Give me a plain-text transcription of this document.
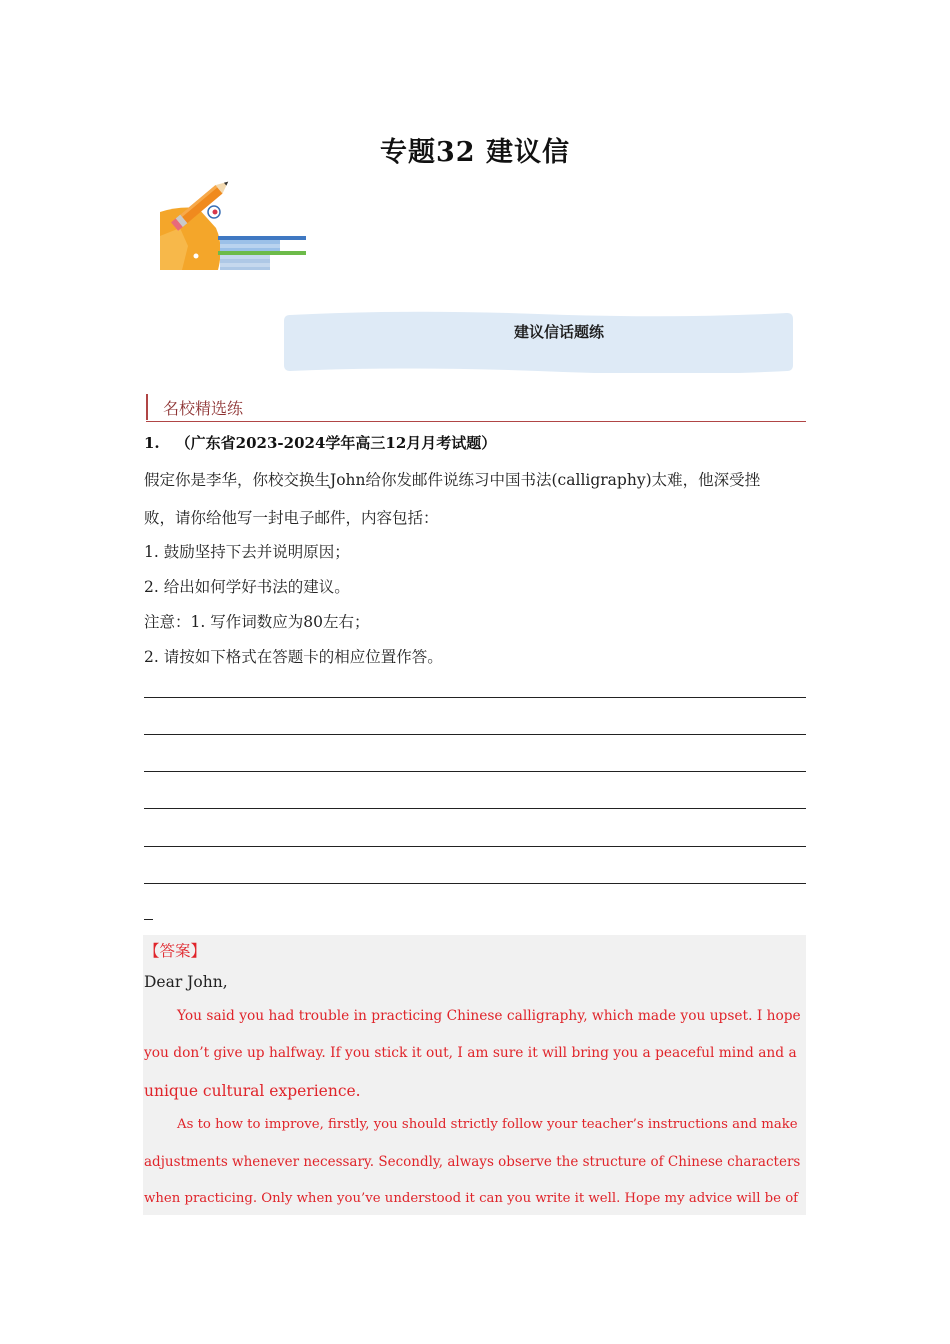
专题32 建议信
建议信话题练
名校精选练
1. （广东省2023-2024学年高三12月月考试题）
假定你是李华，你校交换生John给你发邮件说练习中国书法(calligraphy)太难，他深受挫
败，请你给他写一封电子邮件，内容包括：
1. 鼓励坚持下去并说明原因；
2. 给出如何学好书法的建议。
注意：1. 写作词数应为80左右；
2. 请按如下格式在答题卡的相应位置作答。
【答案】
Dear John,
You said you had trouble in practicing Chinese calligraphy, which made you upset. I hope
you don’t give up halfway. If you stick it out, I am sure it will bring you a peaceful mind and a
unique cultural experience.
As to how to improve, firstly, you should strictly follow your teacher’s instructions and make
adjustments whenever necessary. Secondly, always observe the structure of Chinese characters
when practicing. Only when you’ve understood it can you write it well. Hope my advice will be of
